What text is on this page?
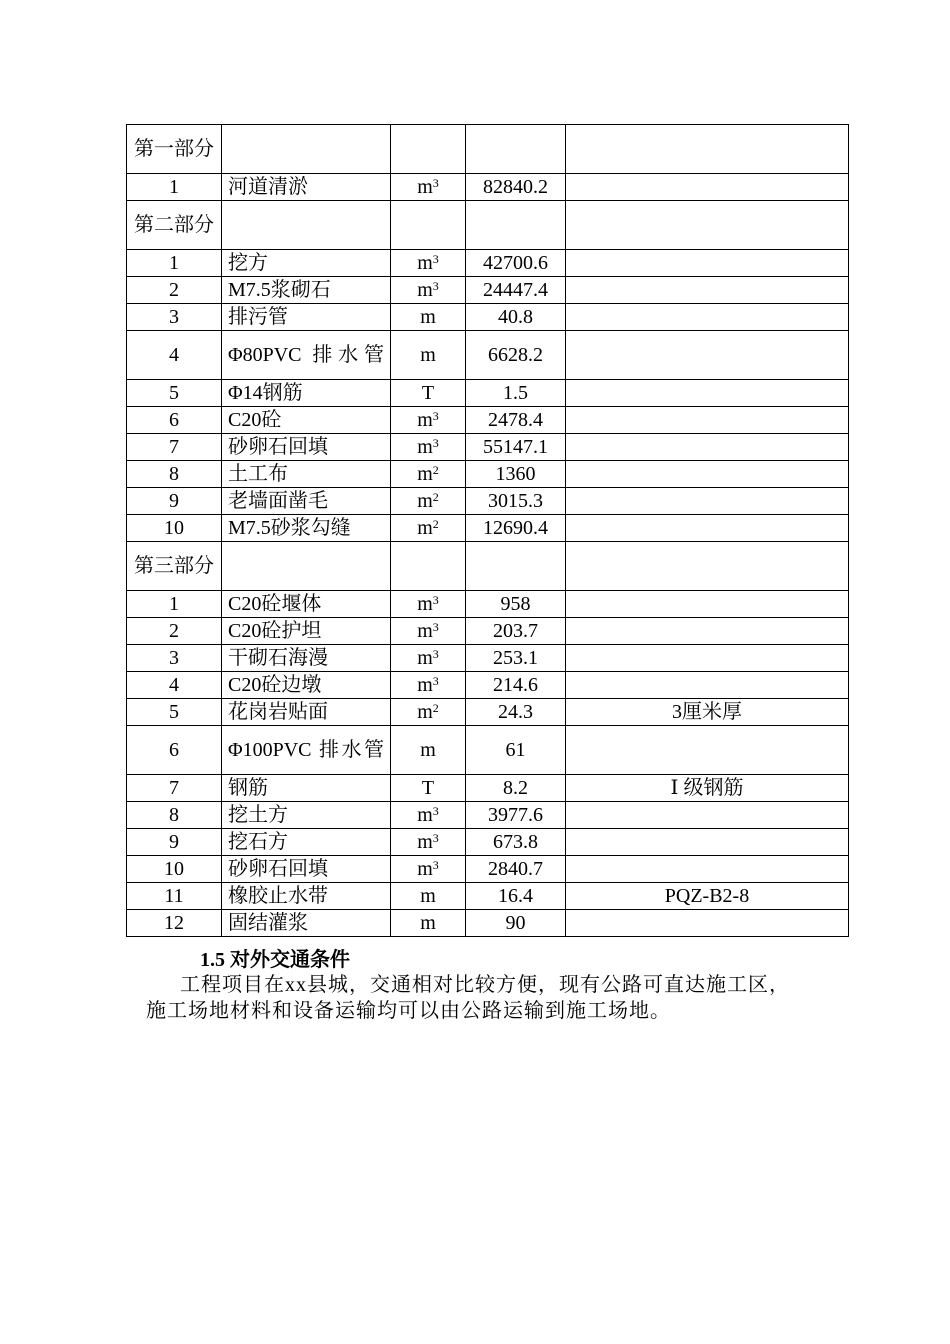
第一部分				
1	河道清淤	$m^3$	82840.2	
第二部分				
1	挖方	$m^3$	42700.6	
2	M7.5浆砌石	$m^3$	24447.4	
3	排污管	m	40.8	
4	Φ80PVC 排水管	m	6628.2	
5	Φ14钢筋	T	1.5	
6	C20砼	$m^3$	2478.4	
7	砂卵石回填	$m^3$	55147.1	
8	土工布	$m^2$	1360	
9	老墙面凿毛	$m^2$	3015.3	
10	M7.5砂浆勾缝	$m^2$	12690.4	
第三部分				
1	C20砼堰体	$m^3$	958	
2	C20砼护坦	$m^3$	203.7	
3	干砌石海漫	$m^3$	253.1	
4	C20砼边墩	$m^3$	214.6	
5	花岗岩贴面	$m^2$	24.3	3厘米厚
6	Φ100PVC 排水管	m	61	
7	钢筋	T	8.2	Ⅰ 级钢筋
8	挖土方	$m^3$	3977.6	
9	挖石方	$m^3$	673.8	
10	砂卵石回填	$m^3$	2840.7	
11	橡胶止水带	m	16.4	PQZ-B2-8
12	固结灌浆	m	90	
1.5 对外交通条件

工程项目在xx县城，交通相对比较方便，现有公路可直达施工区，施工场地材料和设备运输均可以由公路运输到施工场地。
